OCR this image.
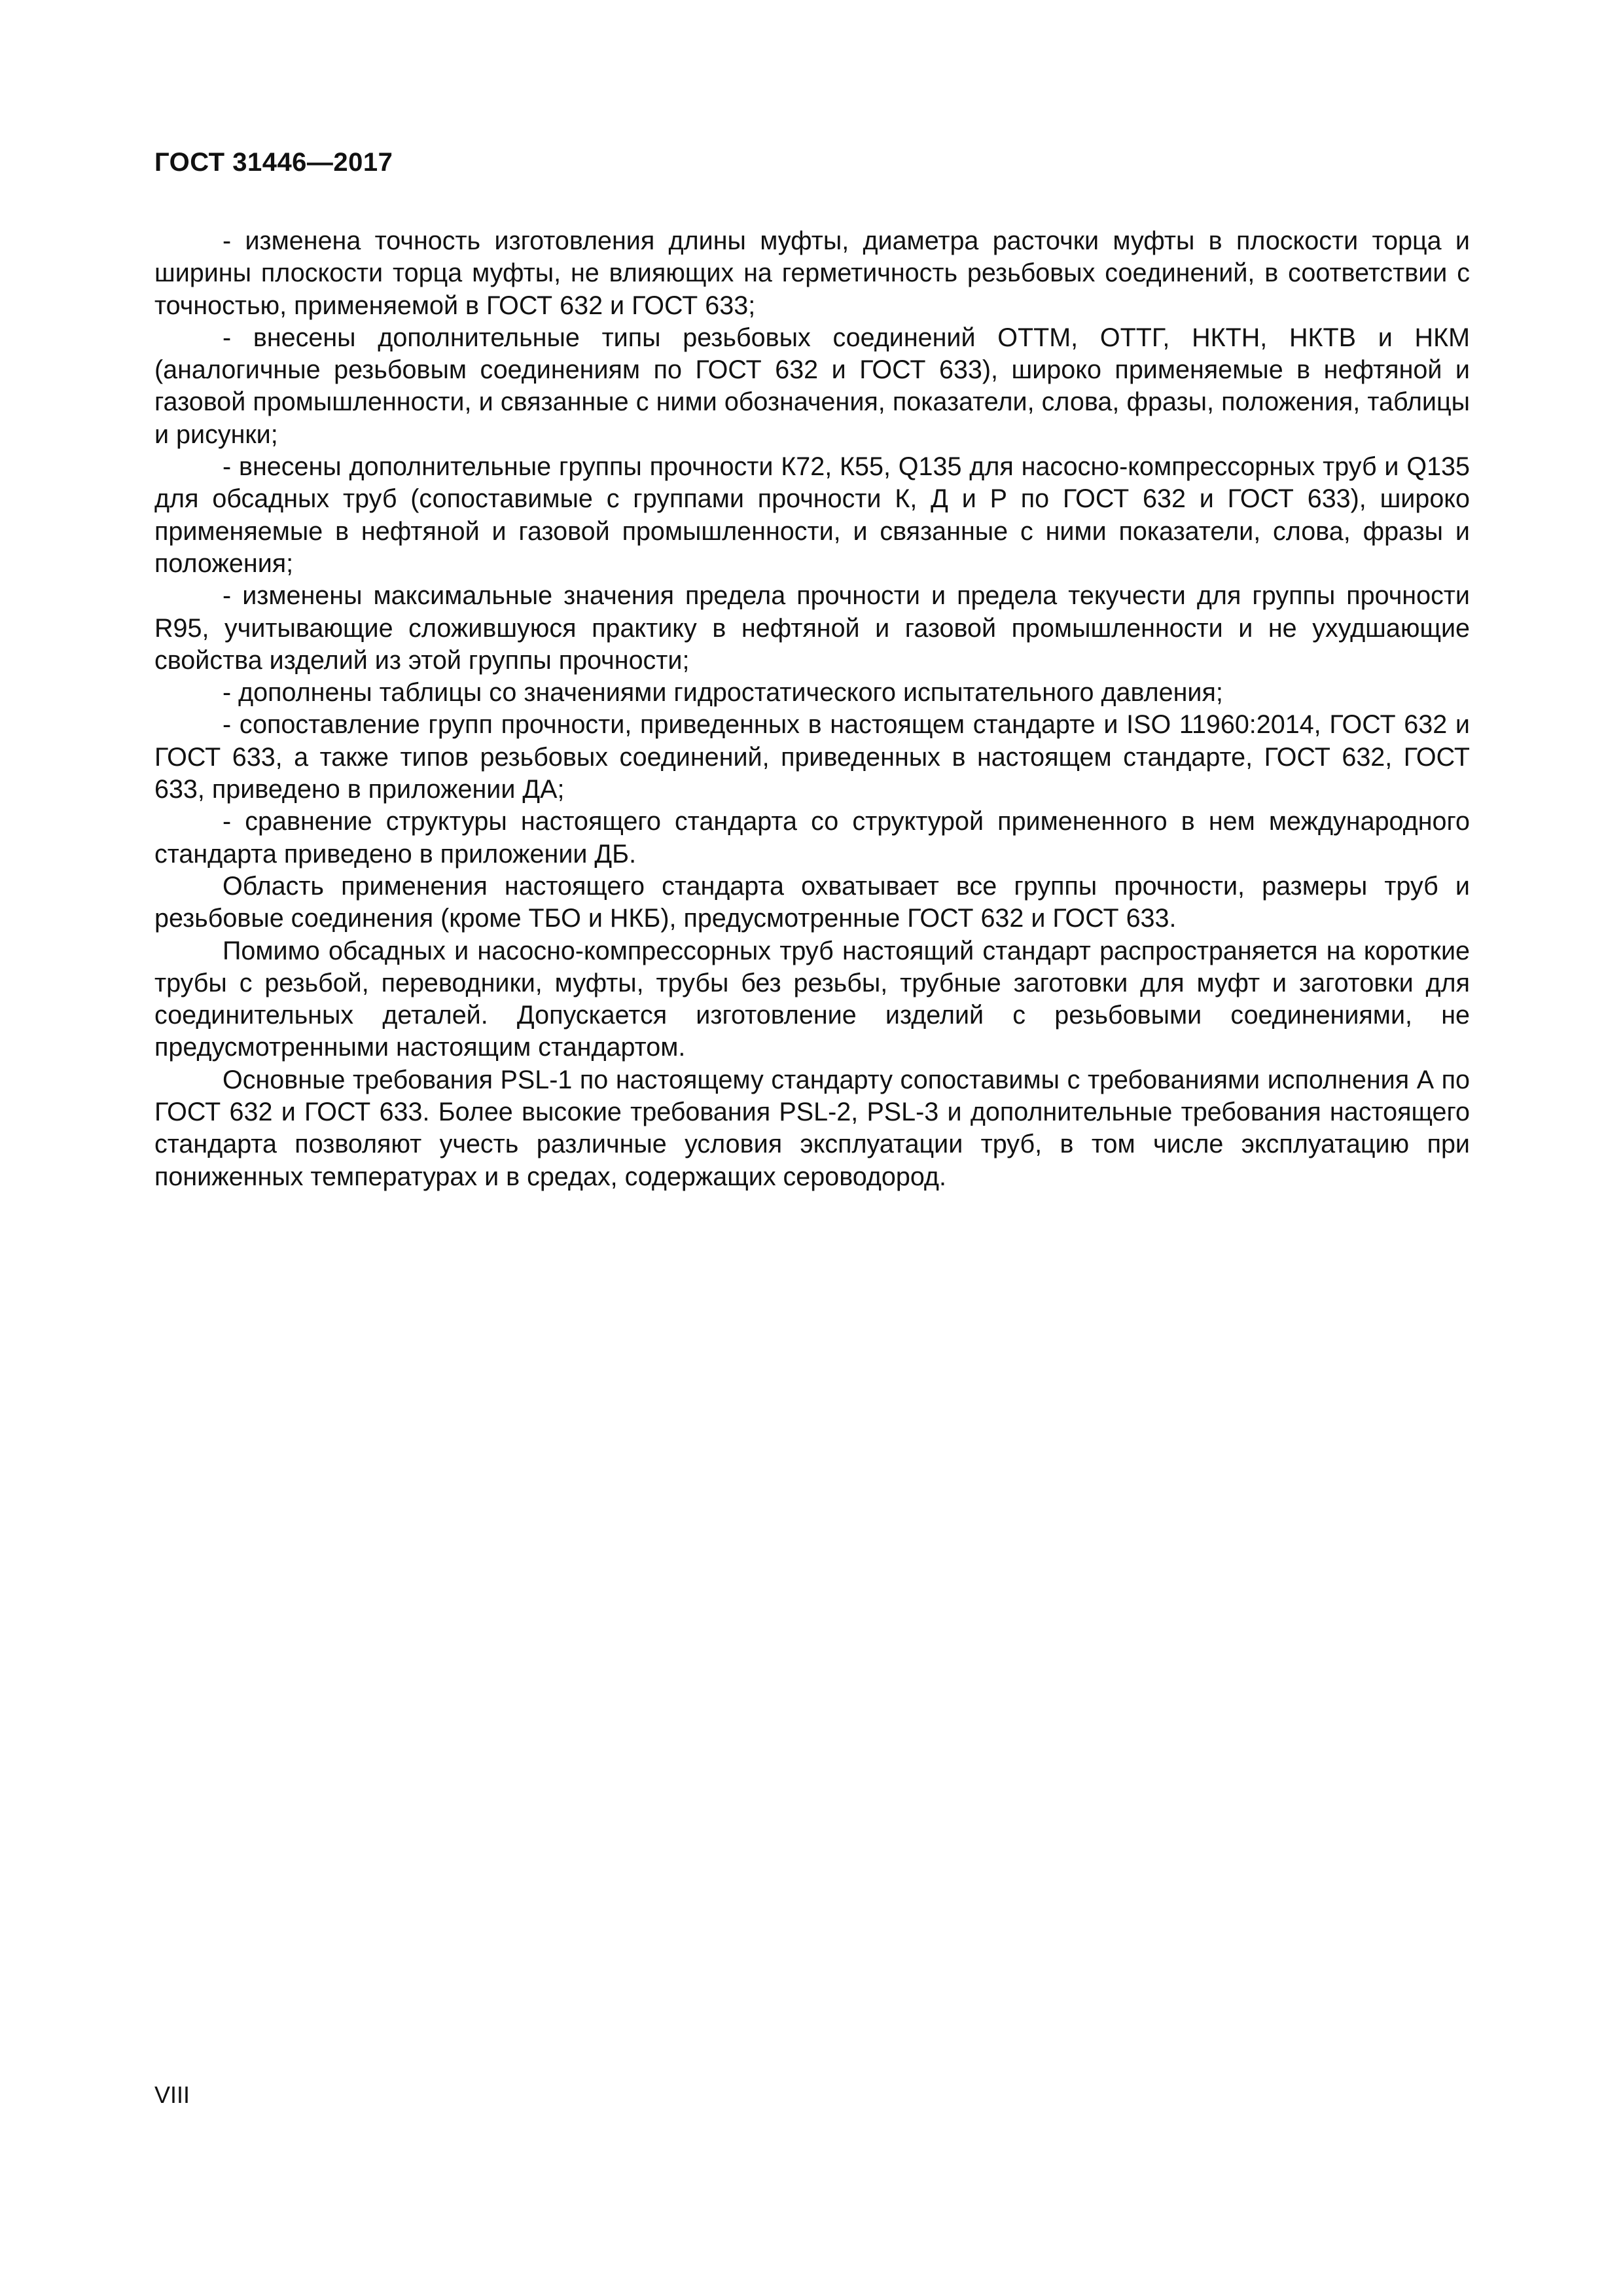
ГОСТ 31446—2017

- изменена точность изготовления длины муфты, диаметра расточки муфты в плоскости торца и ширины плоскости торца муфты, не влияющих на герметичность резьбовых соединений, в соответствии с точностью, применяемой в ГОСТ 632 и ГОСТ 633;

- внесены дополнительные типы резьбовых соединений ОТТМ, ОТТГ, НКТН, НКТВ и НКМ (аналогичные резьбовым соединениям по ГОСТ 632 и ГОСТ 633), широко применяемые в нефтяной и газовой промышленности, и связанные с ними обозначения, показатели, слова, фразы, положения, таблицы и рисунки;

- внесены дополнительные группы прочности К72, К55, Q135 для насосно-компрессорных труб и Q135 для обсадных труб (сопоставимые с группами прочности К, Д и Р по ГОСТ 632 и ГОСТ 633), широко применяемые в нефтяной и газовой промышленности, и связанные с ними показатели, слова, фразы и положения;

- изменены максимальные значения предела прочности и предела текучести для группы прочности R95, учитывающие сложившуюся практику в нефтяной и газовой промышленности и не ухудшающие свойства изделий из этой группы прочности;

- дополнены таблицы со значениями гидростатического испытательного давления;

- сопоставление групп прочности, приведенных в настоящем стандарте и ISO 11960:2014, ГОСТ 632 и ГОСТ 633, а также типов резьбовых соединений, приведенных в настоящем стандарте, ГОСТ 632, ГОСТ 633, приведено в приложении ДА;

- сравнение структуры настоящего стандарта со структурой примененного в нем международного стандарта приведено в приложении ДБ.

Область применения настоящего стандарта охватывает все группы прочности, размеры труб и резьбовые соединения (кроме ТБО и НКБ), предусмотренные ГОСТ 632 и ГОСТ 633.

Помимо обсадных и насосно-компрессорных труб настоящий стандарт распространяется на короткие трубы с резьбой, переводники, муфты, трубы без резьбы, трубные заготовки для муфт и заготовки для соединительных деталей. Допускается изготовление изделий с резьбовыми соединениями, не предусмотренными настоящим стандартом.

Основные требования PSL-1 по настоящему стандарту сопоставимы с требованиями исполнения А по ГОСТ 632 и ГОСТ 633. Более высокие требования PSL-2, PSL-3 и дополнительные требования настоящего стандарта позволяют учесть различные условия эксплуатации труб, в том числе эксплуатацию при пониженных температурах и в средах, содержащих сероводород.

VIII
